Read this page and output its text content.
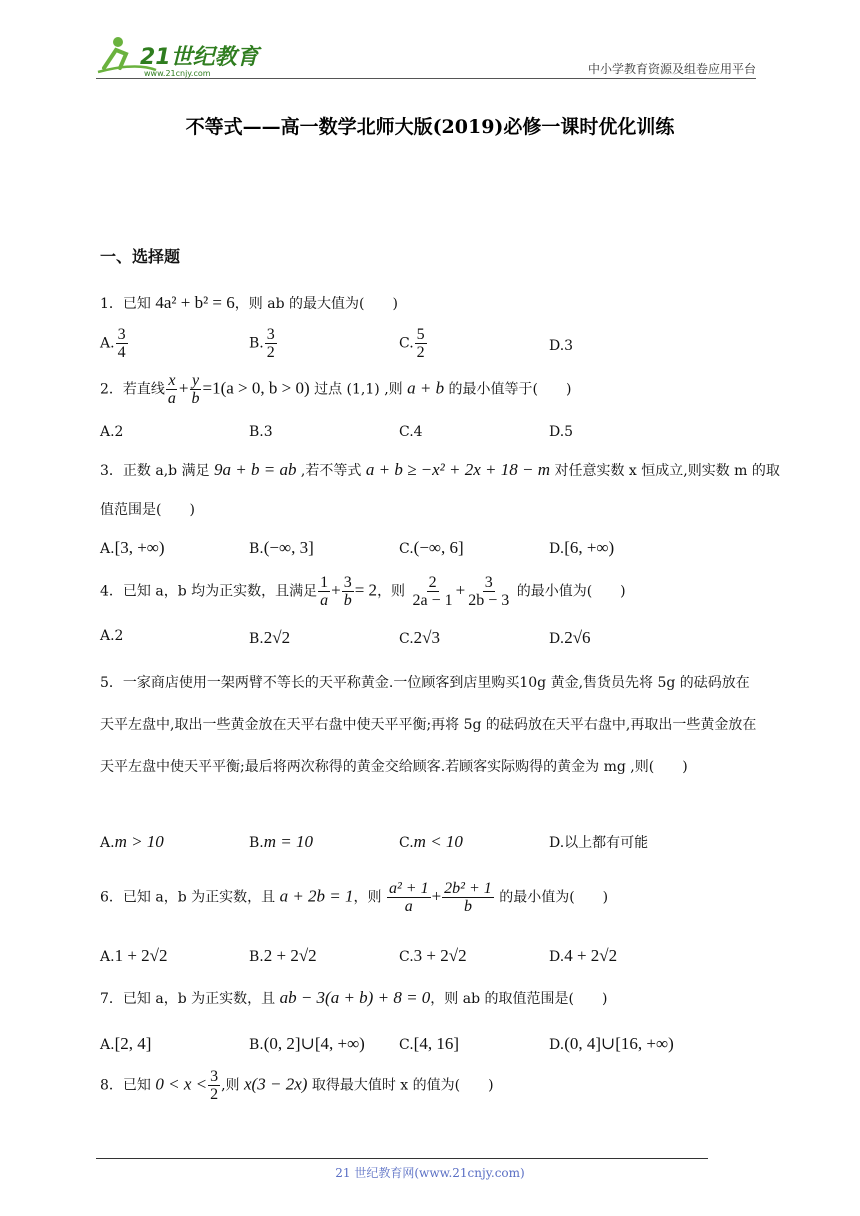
21世纪教育
www.21cnjy.com	中小学教育资源及组卷应用平台
不等式——高一数学北师大版(2019)必修一课时优化训练
一、选择题
1．已知 4a² + b² = 6，则 ab 的最大值为(　　)
A. $\frac{3}{4}$	B. $\frac{3}{2}$	C. $\frac{5}{2}$	D.3
2．若直线 $\frac{x}{a} + \frac{y}{b} =1(a > 0$, b > 0) 过点 (1,1) ,则 a + b 的最小值等于(　　)
A.2	B.3	C.4	D.5
3．正数 a,b 满足 9a + b = ab ,若不等式 a + b ≥ −x² + 2x + 18 − m 对任意实数 x 恒成立,则实数 m 的取
值范围是(　　)
A.[3, +∞)	B.(−∞, 3]	C.(−∞, 6]	D.[6, +∞)
4．已知 a，b 均为正实数，且满足 $\frac{1}{a} + \frac{3}{b} = 2$，则 $\frac{2}{2a - 1} + \frac{3}{2b - 3}$ 的最小值为(　　)
A.2	B.2√2	C.2√3	D.2√6
5．一家商店使用一架两臂不等长的天平称黄金.一位顾客到店里购买10g 黄金,售货员先将 5g 的砝码放在天平左盘中,取出一些黄金放在天平右盘中使天平平衡;再将 5g 的砝码放在天平右盘中,再取出一些黄金放在天平左盘中使天平平衡;最后将两次称得的黄金交给顾客.若顾客实际购得的黄金为 mg ,则(　　)
A.m > 10	B.m = 10	C.m < 10	D.以上都有可能
6．已知 a，b 为正实数，且 a + 2b = 1，则 $\frac{\text{a² + 1}}{a} + \frac{\text{2b² + 1}}{b}$ 的最小值为(　　)
A.1 + 2√2	B.2 + 2√2	C.3 + 2√2	D.4 + 2√2
7．已知 a，b 为正实数，且 ab − 3(a + b) + 8 = 0，则 ab 的取值范围是(　　)
A.[2, 4]	B.(0, 2]∪[4, +∞) C.[4, 16]	D.(0, 4]∪[16, +∞)
8．已知 $0 < x < \frac{3}{2}$ ,则 x(3 − 2x) 取得最大值时 x 的值为(　　)
21 世纪教育网(www.21cnjy.com)
